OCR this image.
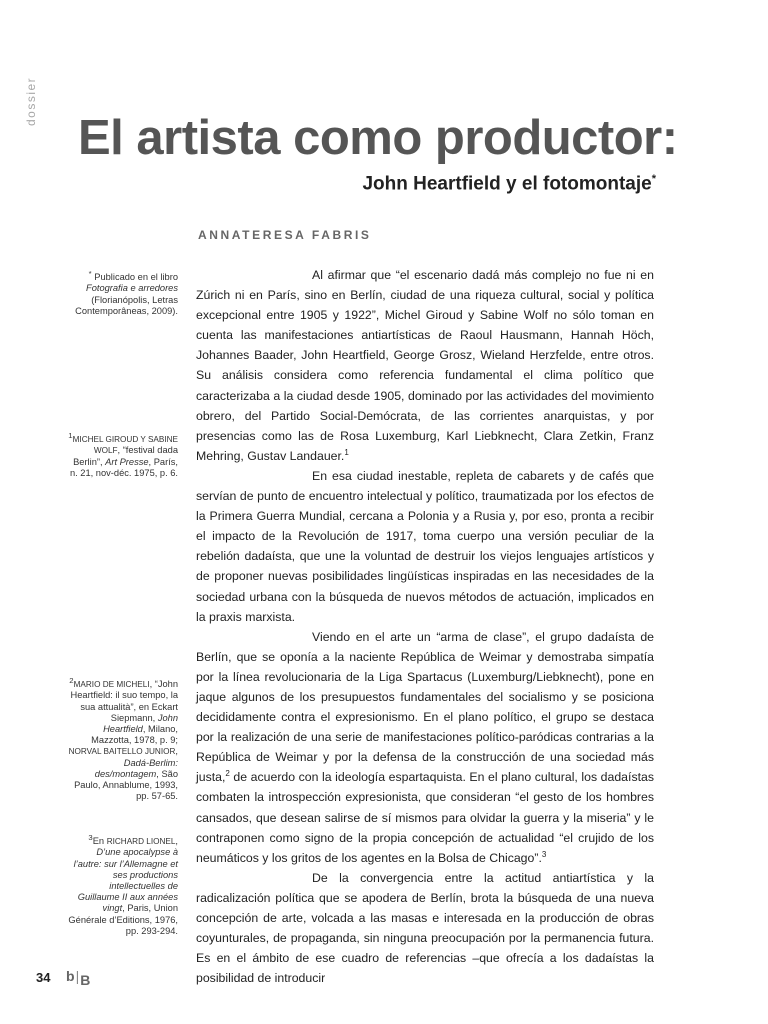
dossier
El artista como productor:
John Heartfield y el fotomontaje*
ANNATERESA FABRIS

Al afirmar que “el escenario dadá más complejo no fue ni en Zúrich ni en París, sino en Berlín, ciudad de una riqueza cultural, social y política excepcional entre 1905 y 1922”, Michel Giroud y Sabine Wolf no sólo toman en cuenta las manifestaciones antiartísticas de Raoul Hausmann, Hannah Höch, Johannes Baader, John Heartfield, George Grosz, Wieland Herzfelde, entre otros. Su análisis considera como referencia fundamental el clima político que caracterizaba a la ciudad desde 1905, dominado por las actividades del movimiento obrero, del Partido Social-Demócrata, de las corrientes anarquistas, y por presencias como las de Rosa Luxemburg, Karl Liebknecht, Clara Zetkin, Franz Mehring, Gustav Landauer.$^1$

En esa ciudad inestable, repleta de cabarets y de cafés que servían de punto de encuentro intelectual y político, traumatizada por los efectos de la Primera Guerra Mundial, cercana a Polonia y a Rusia y, por eso, pronta a recibir el impacto de la Revolución de 1917, toma cuerpo una versión peculiar de la rebelión dadaísta, que une la voluntad de destruir los viejos lenguajes artísticos y de proponer nuevas posibilidades lingüísticas inspiradas en las necesidades de la sociedad urbana con la búsqueda de nuevos métodos de actuación, implicados en la praxis marxista.

Viendo en el arte un “arma de clase”, el grupo dadaísta de Berlín, que se oponía a la naciente República de Weimar y demostraba simpatía por la línea revolucionaria de la Liga Spartacus (Luxemburg/Liebknecht), pone en jaque algunos de los presupuestos fundamentales del socialismo y se posiciona decididamente contra el expresionismo. En el plano político, el grupo se destaca por la realización de una serie de manifestaciones político-paródicas contrarias a la República de Weimar y por la defensa de la construcción de una sociedad más justa,$^2$ de acuerdo con la ideología espartaquista. En el plano cultural, los dadaístas combaten la introspección expresionista, que consideran “el gesto de los hombres cansados, que desean salirse de sí mismos para olvidar la guerra y la miseria” y le contraponen como signo de la propia concepción de actualidad “el crujido de los neumáticos y los gritos de los agentes en la Bolsa de Chicago”.$^3$

De la convergencia entre la actitud antiartística y la radicalización política que se apodera de Berlín, brota la búsqueda de una nueva concepción de arte, volcada a las masas e interesada en la producción de obras coyunturales, de propaganda, sin ninguna preocupación por la permanencia futura. Es en el ámbito de ese cuadro de referencias –que ofrecía a los dadaístas la posibilidad de introducir

* Publicado en el libro Fotografia e arredores (Florianópolis, Letras Contemporâneas, 2009).
$^1$MICHEL GIROUD Y SABINE WOLF, “festival dada Berlin”, Art Presse, París, n. 21, nov-déc. 1975, p. 6.
$^2$MARIO DE MICHELI, “John Heartfield: il suo tempo, la sua attualità”, en Eckart Siepmann, John Heartfield, Milano, Mazzotta, 1978, p. 9; NORVAL BAITELLO JUNIOR, Dadá-Berlim: des/montagem, São Paulo, Annablume, 1993, pp. 57-65.
$^3$En RICHARD LIONEL, D’une apocalypse à l’autre: sur l’Allemagne et ses productions intellectuelles de Guillaume II aux années vingt, Paris, Union Générale d’Editions, 1976, pp. 293-294.
34 b|B
